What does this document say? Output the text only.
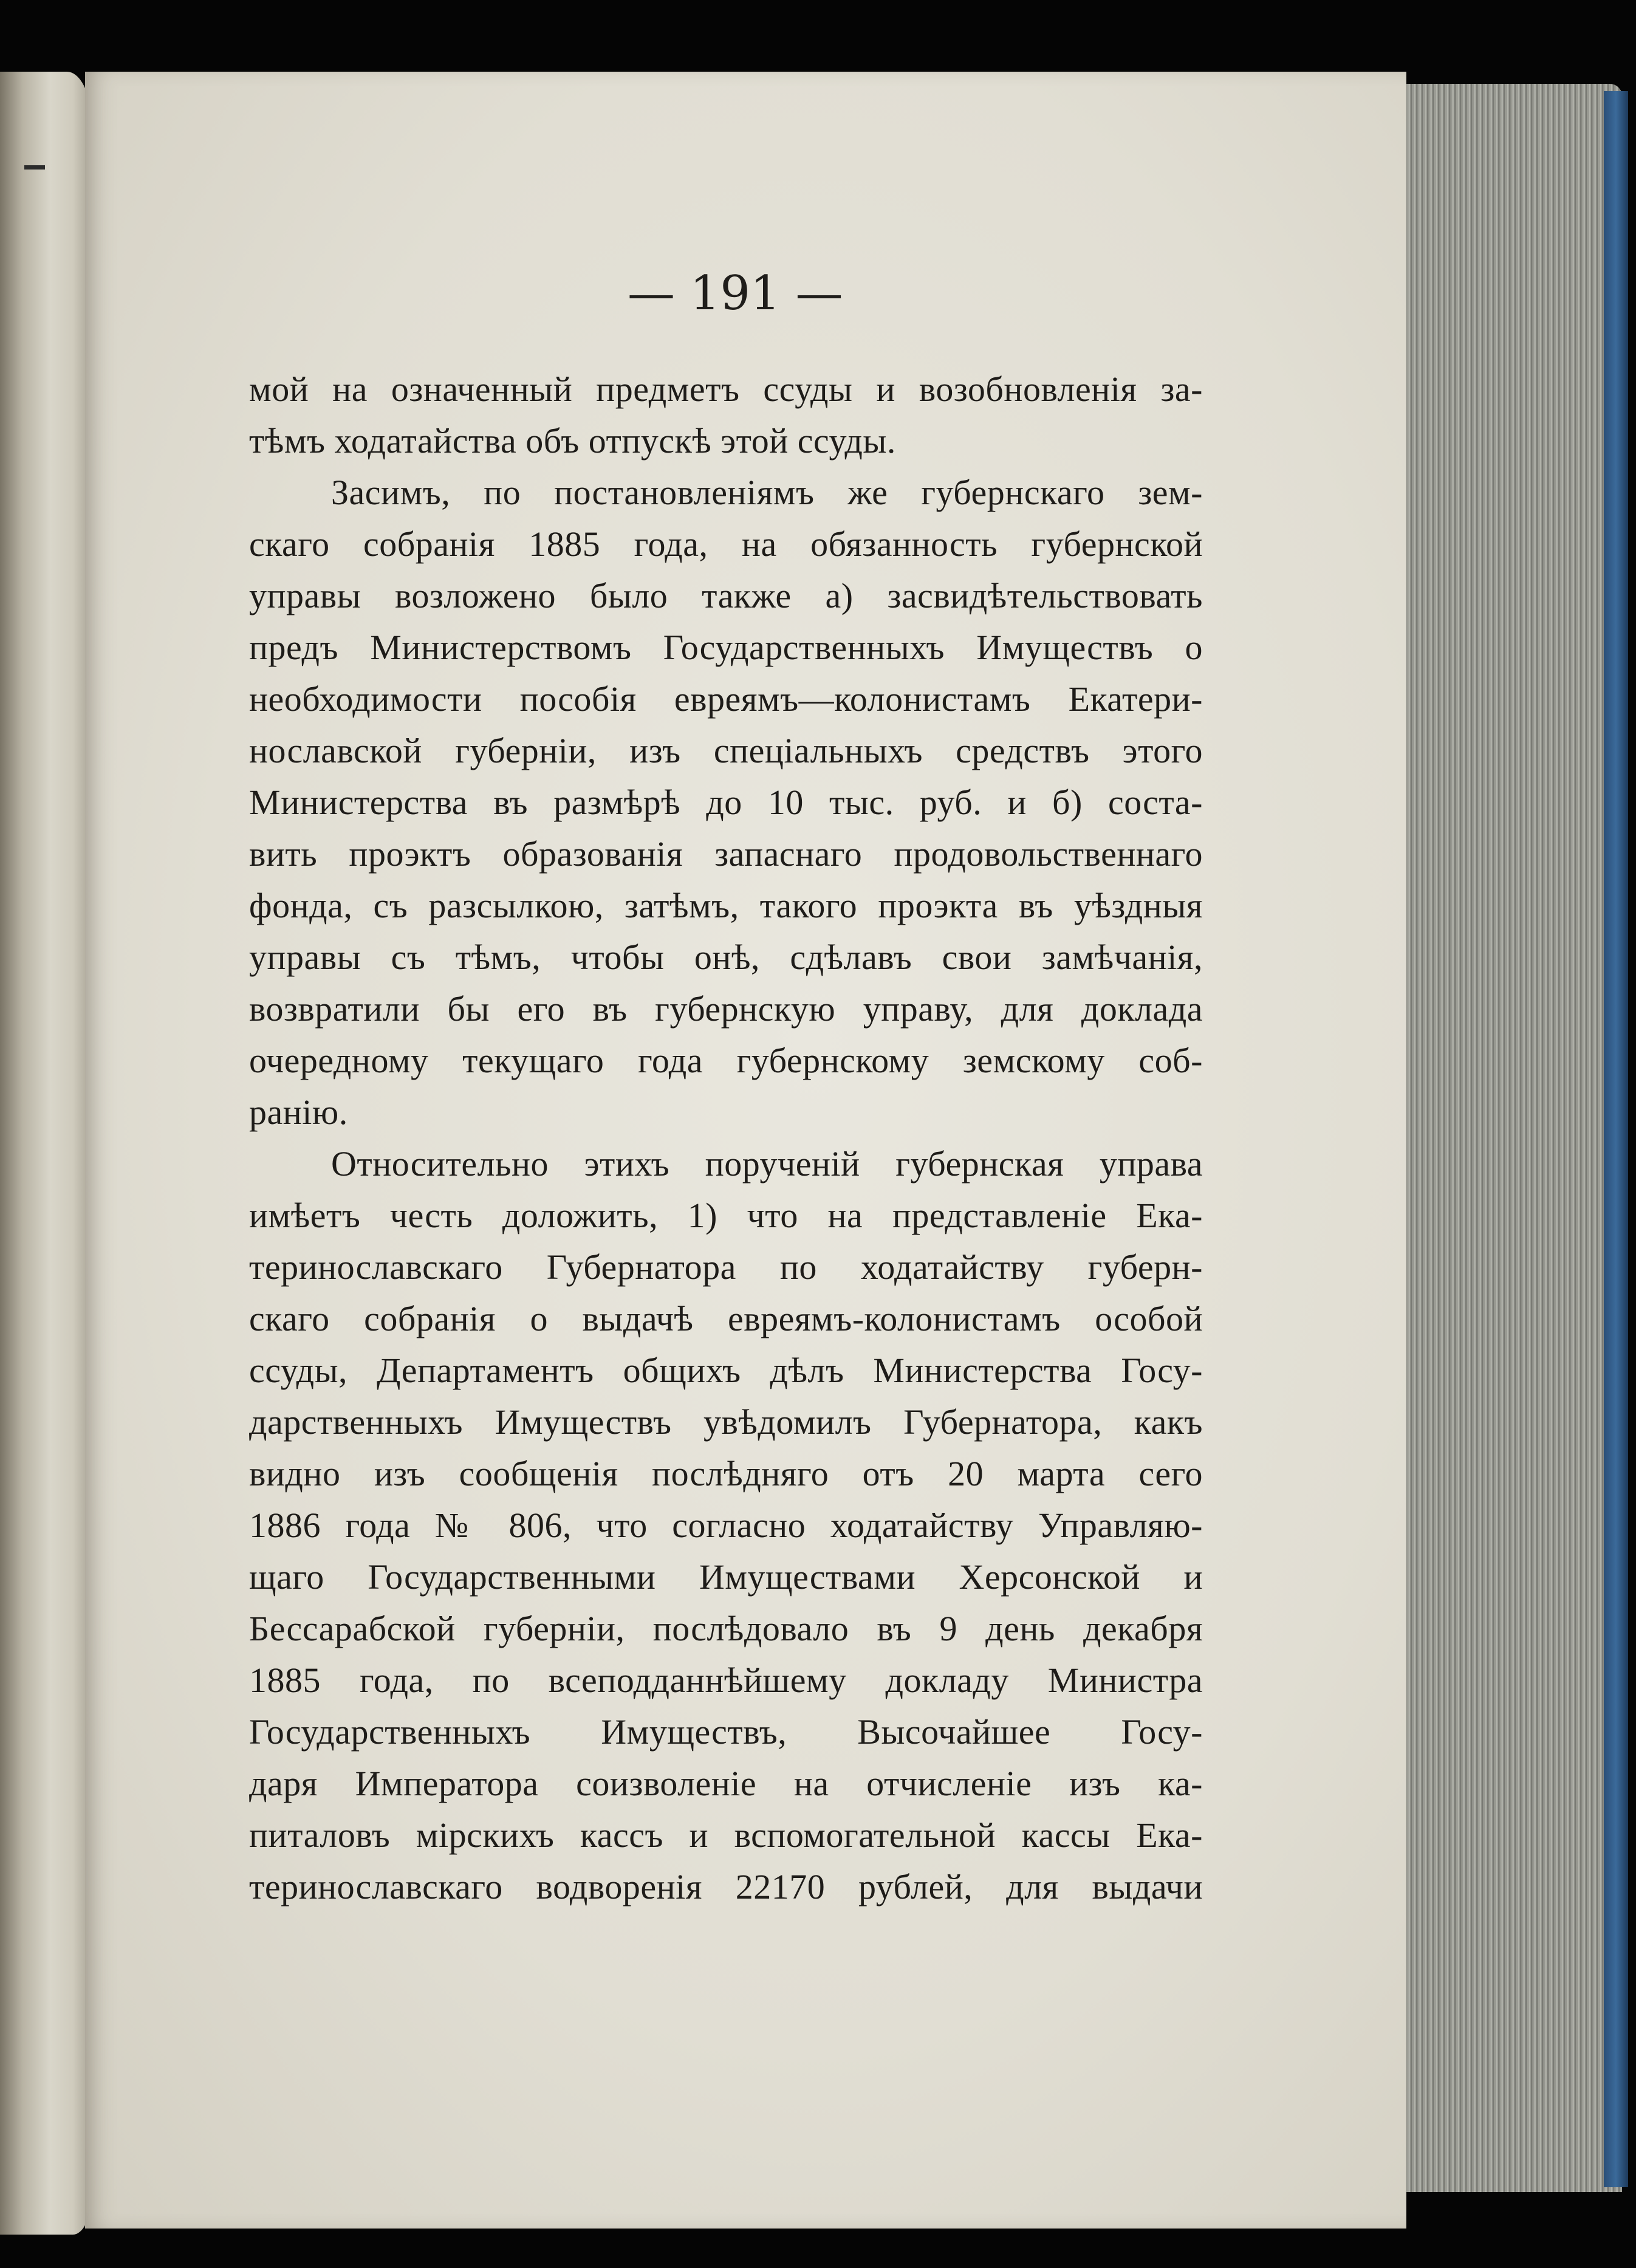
— 191 —
мой на означенный предметъ ссуды и возобновленія за-
тѣмъ ходатайства объ отпускѣ этой ссуды.
Засимъ, по постановленіямъ же губернскаго зем-
скаго собранія 1885 года, на обязанность губернской
управы возложено было также а) засвидѣтельствовать
предъ Министерствомъ Государственныхъ Имуществъ о
необходимости пособія евреямъ—колонистамъ Екатери-
нославской губерніи, изъ спеціальныхъ средствъ этого
Министерства въ размѣрѣ до 10 тыс. руб. и б) соста-
вить проэктъ образованія запаснаго продовольственнаго
фонда, съ разсылкою, затѣмъ, такого проэкта въ уѣздныя
управы съ тѣмъ, чтобы онѣ, сдѣлавъ свои замѣчанія,
возвратили бы его въ губернскую управу, для доклада
очередному текущаго года губернскому земскому соб-
ранію.
Относительно этихъ порученій губернская управа
имѣетъ честь доложить, 1) что на представленіе Ека-
теринославскаго Губернатора по ходатайству губерн-
скаго собранія о выдачѣ евреямъ-колонистамъ особой
ссуды, Департаментъ общихъ дѣлъ Министерства Госу-
дарственныхъ Имуществъ увѣдомилъ Губернатора, какъ
видно изъ сообщенія послѣдняго отъ 20 марта сего
1886 года № 806, что согласно ходатайству Управляю-
щаго Государственными Имуществами Херсонской и
Бессарабской губерніи, послѣдовало въ 9 день декабря
1885 года, по всеподданнѣйшему докладу Министра
Государственныхъ Имуществъ, Высочайшее Госу-
даря Императора соизволеніе на отчисленіе изъ ка-
питаловъ мірскихъ кассъ и вспомогательной кассы Ека-
теринославскаго водворенія 22170 рублей, для выдачи
